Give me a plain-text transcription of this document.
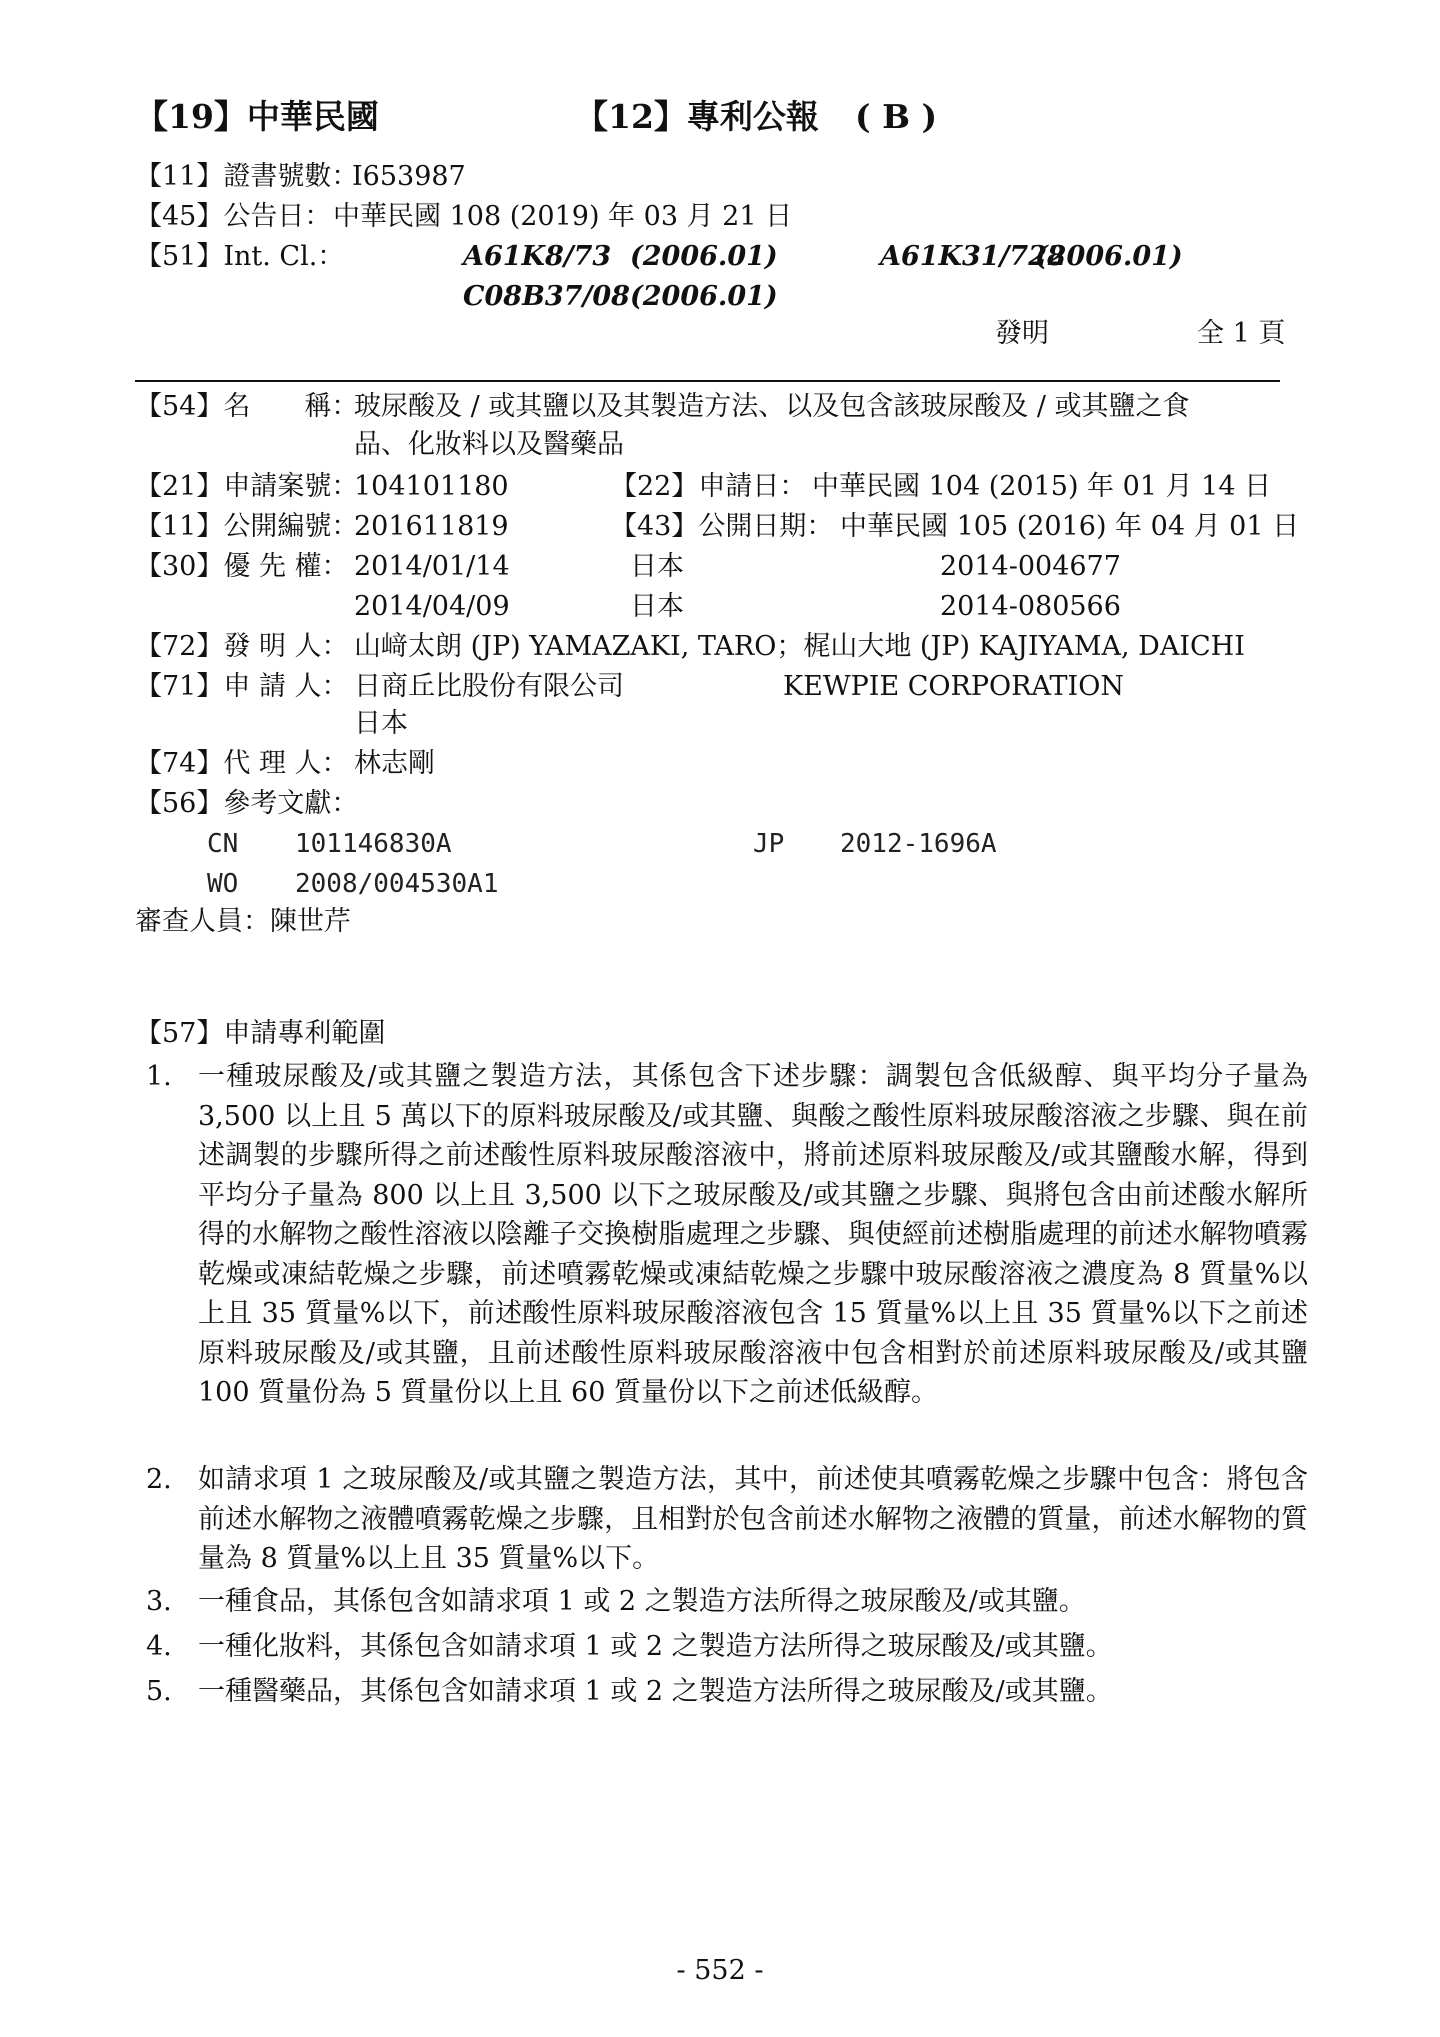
【19】中華民國	【12】專利公報 ( B )
【11】證書號數：
I653987
【45】公告日： 中華民國 108 (2019) 年 03 月 21 日
【51】Int. Cl.：	A61K8/73 (2006.01)	A61K31/728
(2006.01)
C08B37/08 (2006.01)
發明	全 1 頁
【54】名　　稱：
玻尿酸及 / 或其鹽以及其製造方法、以及包含該玻尿酸及 / 或其鹽之食
品、化妝料以及醫藥品
【21】申請案號：
104101180	【22】申請日： 中華民國 104 (2015) 年 01 月 14 日
【11】公開編號：
201611819	【43】公開日期： 中華民國 105 (2016) 年 04 月 01 日
【30】優 先 權： 2014/01/14	日本	2014-004677
2014/04/09	日本	2014-080566
【72】發 明 人： 山﨑太朗 (JP) YAMAZAKI, TARO；梶山大地 (JP) KAJIYAMA, DAICHI
【71】申 請 人： 日商丘比股份有限公司	KEWPIE CORPORATION
日本
【74】代 理 人： 林志剛
【56】參考文獻：
CN 101146830A	JP 2012-1696A
WO 2008/004530A1
審查人員：陳世芹
【57】申請專利範圍
1. 一種玻尿酸及/或其鹽之製造方法，其係包含下述步驟：調製包含低級醇、與平均分子量為 3,500 以上且 5 萬以下的原料玻尿酸及/或其鹽、與酸之酸性原料玻尿酸溶液之步驟、與在前述調製的步驟所得之前述酸性原料玻尿酸溶液中，將前述原料玻尿酸及/或其鹽酸水解，得到平均分子量為 800 以上且 3,500 以下之玻尿酸及/或其鹽之步驟、與將包含由前述酸水解所得的水解物之酸性溶液以陰離子交換樹脂處理之步驟、與使經前述樹脂處理的前述水解物噴霧乾燥或凍結乾燥之步驟，前述噴霧乾燥或凍結乾燥之步驟中玻尿酸溶液之濃度為 8 質量%以上且 35 質量%以下，前述酸性原料玻尿酸溶液包含 15 質量%以上且 35 質量%以下之前述原料玻尿酸及/或其鹽，且前述酸性原料玻尿酸溶液中包含相對於前述原料玻尿酸及/或其鹽 100 質量份為 5 質量份以上且 60 質量份以下之前述低級醇。
2. 如請求項 1 之玻尿酸及/或其鹽之製造方法，其中，前述使其噴霧乾燥之步驟中包含：將包含前述水解物之液體噴霧乾燥之步驟，且相對於包含前述水解物之液體的質量，前述水解物的質量為 8 質量%以上且 35 質量%以下。
3. 一種食品，其係包含如請求項 1 或 2 之製造方法所得之玻尿酸及/或其鹽。
4. 一種化妝料，其係包含如請求項 1 或 2 之製造方法所得之玻尿酸及/或其鹽。
5. 一種醫藥品，其係包含如請求項 1 或 2 之製造方法所得之玻尿酸及/或其鹽。
- 552 -
